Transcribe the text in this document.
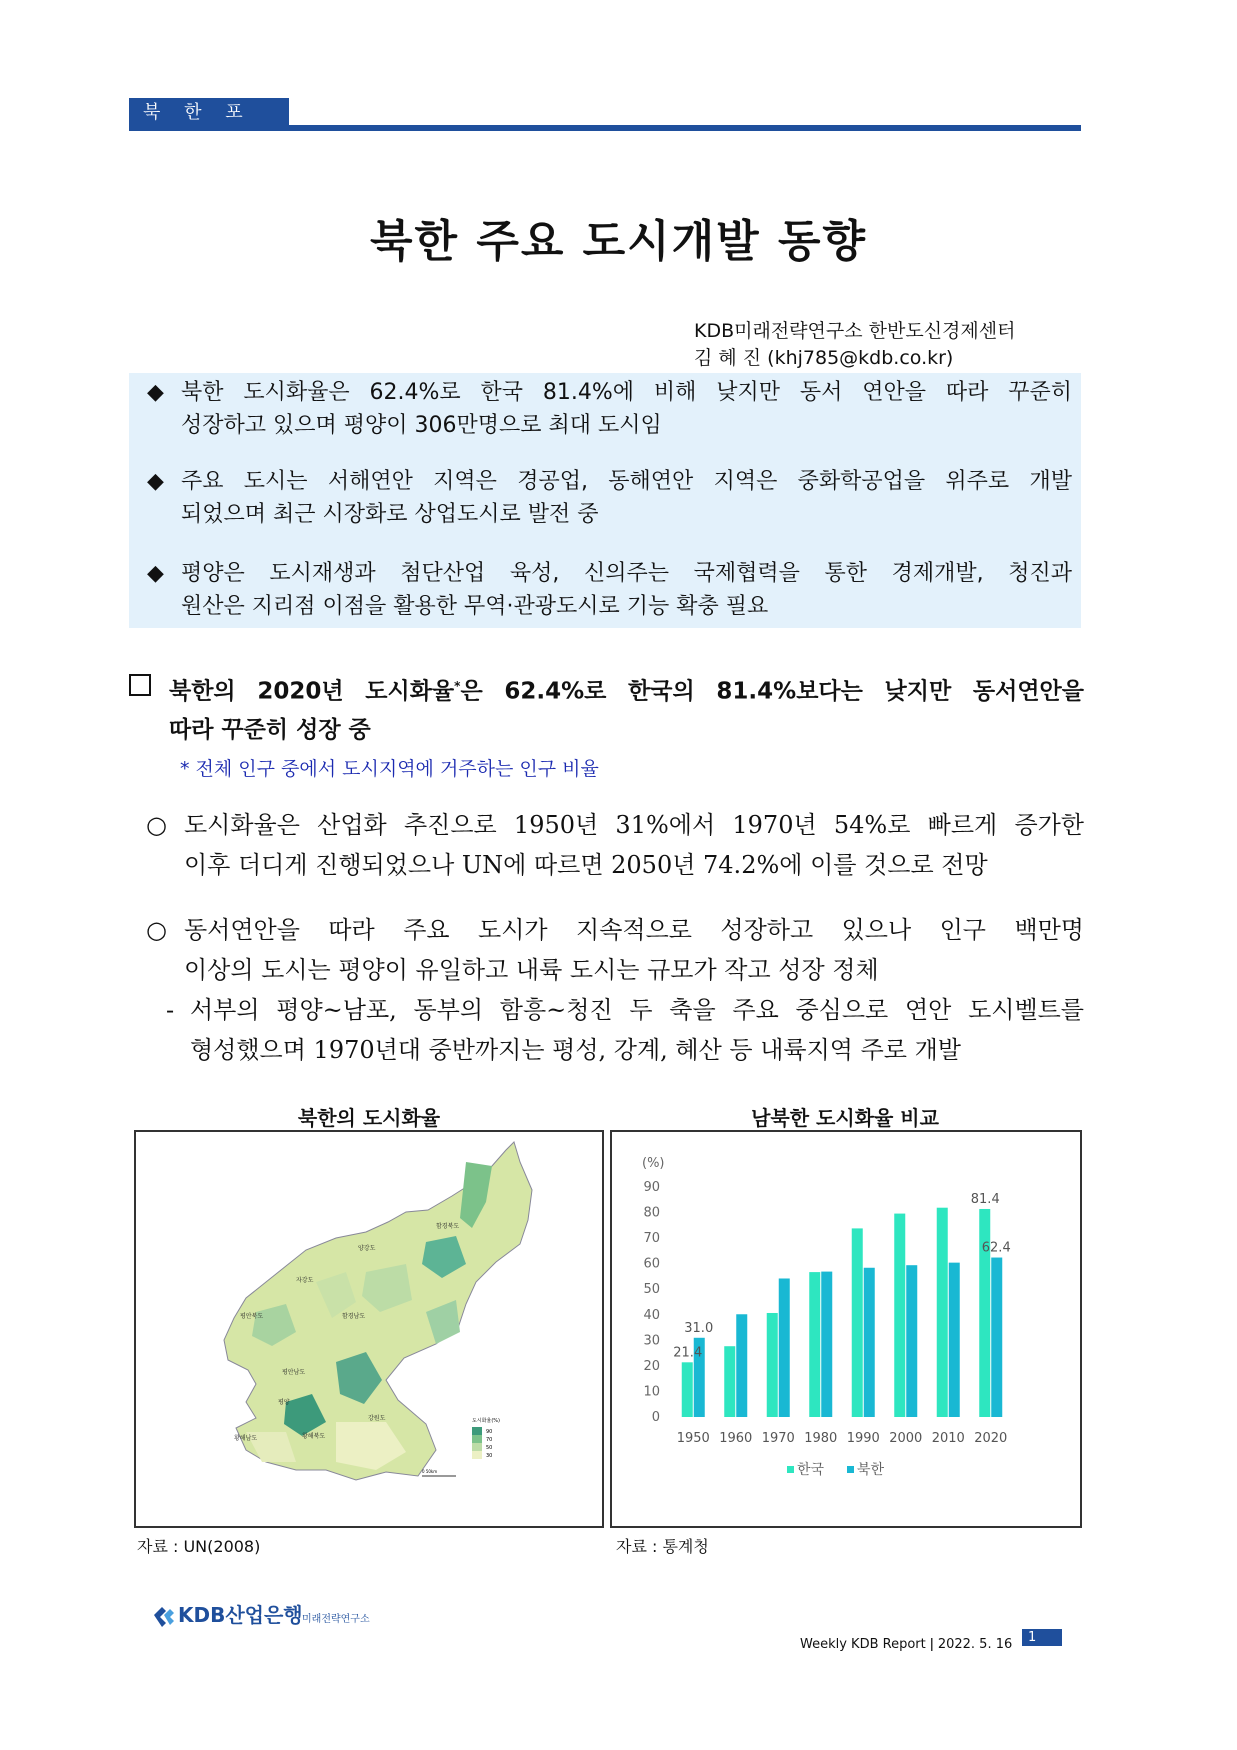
북 한 포 커 스
북한 주요 도시개발 동향
KDB미래전략연구소 한반도신경제센터
김 혜 진 (khj785@kdb.co.kr)
◆ 북한 도시화율은 62.4%로 한국 81.4%에 비해 낮지만 동서 연안을 따라 꾸준히
성장하고 있으며 평양이 306만명으로 최대 도시임
◆ 주요 도시는 서해연안 지역은 경공업, 동해연안 지역은 중화학공업을 위주로 개발
되었으며 최근 시장화로 상업도시로 발전 중
◆ 평양은 도시재생과 첨단산업 육성, 신의주는 국제협력을 통한 경제개발, 청진과
원산은 지리점 이점을 활용한 무역·관광도시로 기능 확충 필요
북한의 2020년 도시화율*은 62.4%로 한국의 81.4%보다는 낮지만 동서연안을
따라 꾸준히 성장 중
* 전체 인구 중에서 도시지역에 거주하는 인구 비율
○ 도시화율은 산업화 추진으로 1950년 31%에서 1970년 54%로 빠르게 증가한
이후 더디게 진행되었으나 UN에 따르면 2050년 74.2%에 이를 것으로 전망
○ 동서연안을 따라 주요 도시가 지속적으로 성장하고 있으나 인구 백만명
이상의 도시는 평양이 유일하고 내륙 도시는 규모가 작고 성장 정체
- 서부의 평양~남포, 동부의 함흥~청진 두 축을 주요 중심으로 연안 도시벨트를
형성했으며 1970년대 중반까지는 평성, 강계, 혜산 등 내륙지역 주로 개발
북한의 도시화율
함경북도
양강도
자강도
평안북도	함경남도
평안남도
평양
강원도
황해남도	황해북도
도시화율(%)
90
70
50
30
0 50km
자료 : UN(2008)
남북한 도시화율 비교
(%)
0
10
20
30
40
50
60
70
80
90
1950 1960 1970 1980 1990 2000 2010 2020
21.4
31.0
81.4
62.4
한국 북한
자료 : 통계청
KDB산업은행 미래전략연구소
Weekly KDB Report ǀ 2022. 5. 16	1
